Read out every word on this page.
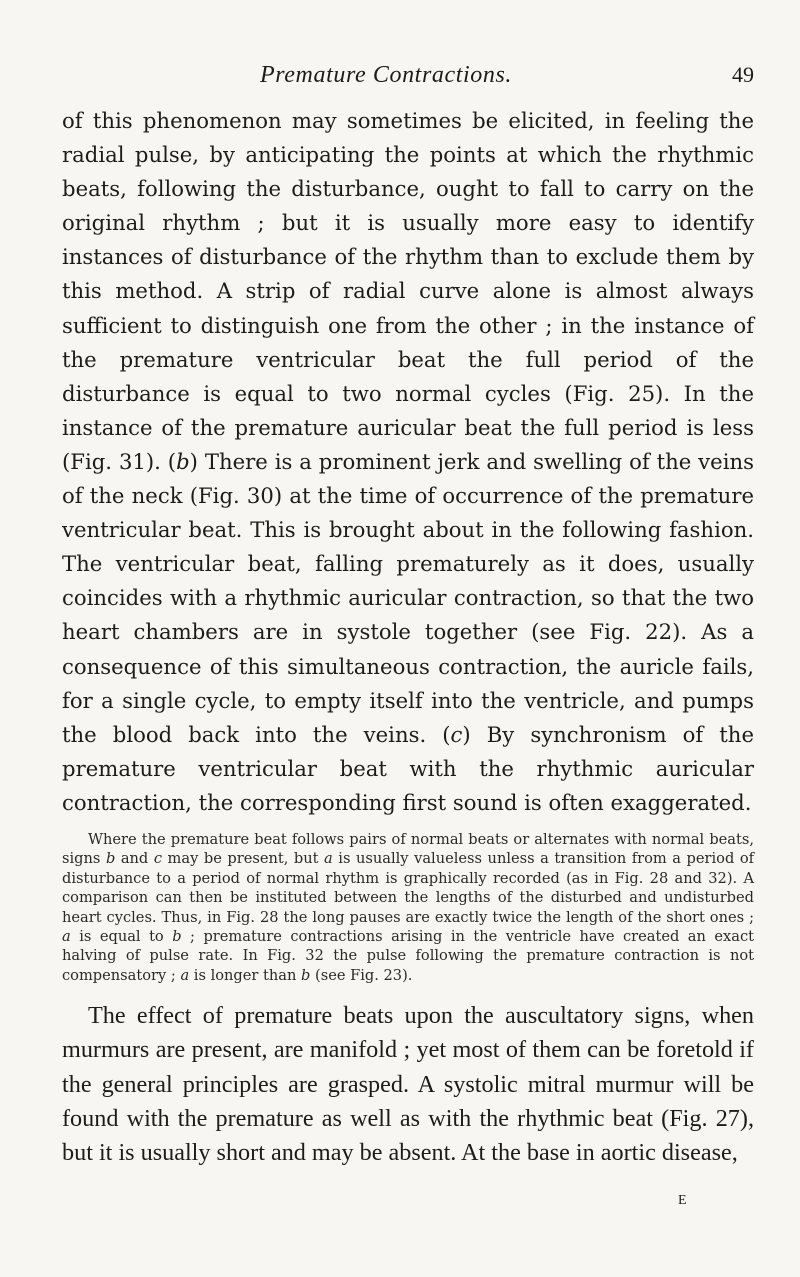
Premature Contractions.	49

of this phenomenon may sometimes be elicited, in feeling the radial pulse, by anticipating the points at which the rhythmic beats, following the disturbance, ought to fall to carry on the original rhythm ; but it is usually more easy to identify instances of disturbance of the rhythm than to exclude them by this method. A strip of radial curve alone is almost always sufficient to distinguish one from the other ; in the instance of the premature ventricular beat the full period of the disturbance is equal to two normal cycles (Fig. 25). In the instance of the premature auricular beat the full period is less (Fig. 31). (b) There is a prominent jerk and swelling of the veins of the neck (Fig. 30) at the time of occurrence of the premature ventricular beat. This is brought about in the following fashion. The ventricular beat, falling prematurely as it does, usually coincides with a rhythmic auricular contraction, so that the two heart chambers are in systole together (see Fig. 22). As a consequence of this simultaneous contraction, the auricle fails, for a single cycle, to empty itself into the ventricle, and pumps the blood back into the veins. (c) By synchronism of the premature ventricular beat with the rhythmic auricular contraction, the corresponding first sound is often exaggerated.

Where the premature beat follows pairs of normal beats or alternates with normal beats, signs b and c may be present, but a is usually valueless unless a transition from a period of disturbance to a period of normal rhythm is graphically recorded (as in Fig. 28 and 32). A comparison can then be instituted between the lengths of the disturbed and undisturbed heart cycles. Thus, in Fig. 28 the long pauses are exactly twice the length of the short ones ; a is equal to b ; premature contractions arising in the ventricle have created an exact halving of pulse rate. In Fig. 32 the pulse following the premature contraction is not compensatory ; a is longer than b (see Fig. 23).

The effect of premature beats upon the auscultatory signs, when murmurs are present, are manifold ; yet most of them can be foretold if the general principles are grasped. A systolic mitral murmur will be found with the premature as well as with the rhythmic beat (Fig. 27), but it is usually short and may be absent. At the base in aortic disease,

E
